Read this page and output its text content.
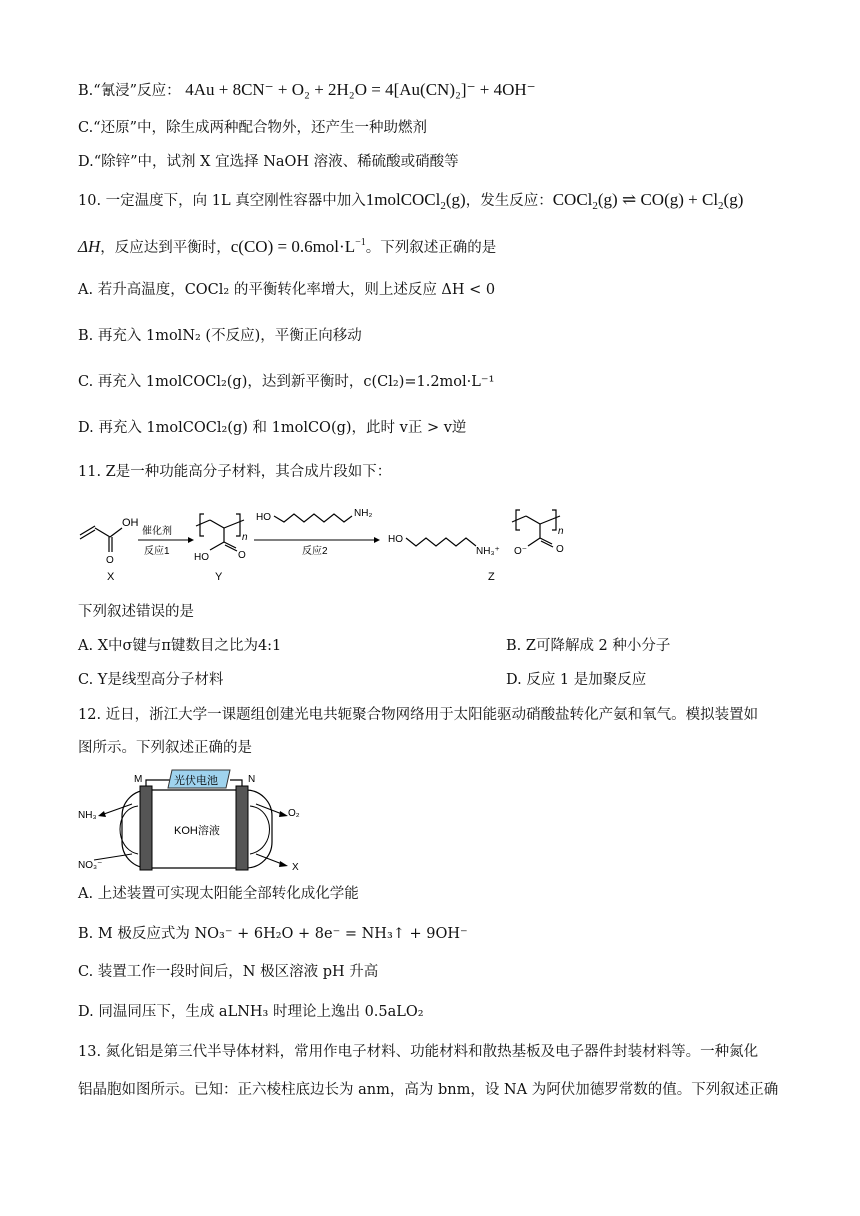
B.“氰浸”反应： 4Au + 8CN⁻ + O₂ + 2H₂O = 4[Au(CN)₂]⁻ + 4OH⁻
C.“还原”中，除生成两种配合物外，还产生一种助燃剂
D.“除锌”中，试剂 X 宜选择 NaOH 溶液、稀硫酸或硝酸等
10. 一定温度下，向 1L 真空刚性容器中加入1molCOCl$_2$(g)，发生反应：COCl$_2$(g) ⇌ $CO(g) + Cl_2(g)$
ΔH，反应达到平衡时，$c(CO) = 0.6mol\cdot L^{-1}$。下列叙述正确的是
A. 若升高温度，COCl₂ 的平衡转化率增大，则上述反应 ΔH < 0
B. 再充入 1molN₂ (不反应)，平衡正向移动
C. 再充入 1molCOCl₂(g)，达到新平衡时，c(Cl₂)=1.2mol·L⁻¹
D. 再充入 1molCOCl₂(g) 和 1molCO(g)，此时 v正 > v逆
11. Z是一种功能高分子材料，其合成片段如下：
OH
O
X
催化剂
反应1
n
HO	O
Y
HO	NH₂
反应2
HO
NH₃⁺
n
O⁻	O
Z
下列叙述错误的是
A. X中σ键与π键数目之比为4:1	B. Z可降解成 2 种小分子
C. Y是线型高分子材料	D. 反应 1 是加聚反应
12. 近日，浙江大学一课题组创建光电共轭聚合物网络用于太阳能驱动硝酸盐转化产氨和氧气。模拟装置如
图所示。下列叙述正确的是
光伏电池
M	N
KOH溶液
NH₃
NO₃⁻
O₂
X
A. 上述装置可实现太阳能全部转化成化学能
B. M 极反应式为 NO₃⁻ + 6H₂O + 8e⁻ = NH₃↑ + 9OH⁻
C. 装置工作一段时间后，N 极区溶液 pH 升高
D. 同温同压下，生成 aLNH₃ 时理论上逸出 0.5aLO₂
13. 氮化铝是第三代半导体材料，常用作电子材料、功能材料和散热基板及电子器件封装材料等。一种氮化
铝晶胞如图所示。已知：正六棱柱底边长为 anm，高为 bnm，设 NA 为阿伏加德罗常数的值。下列叙述正确
